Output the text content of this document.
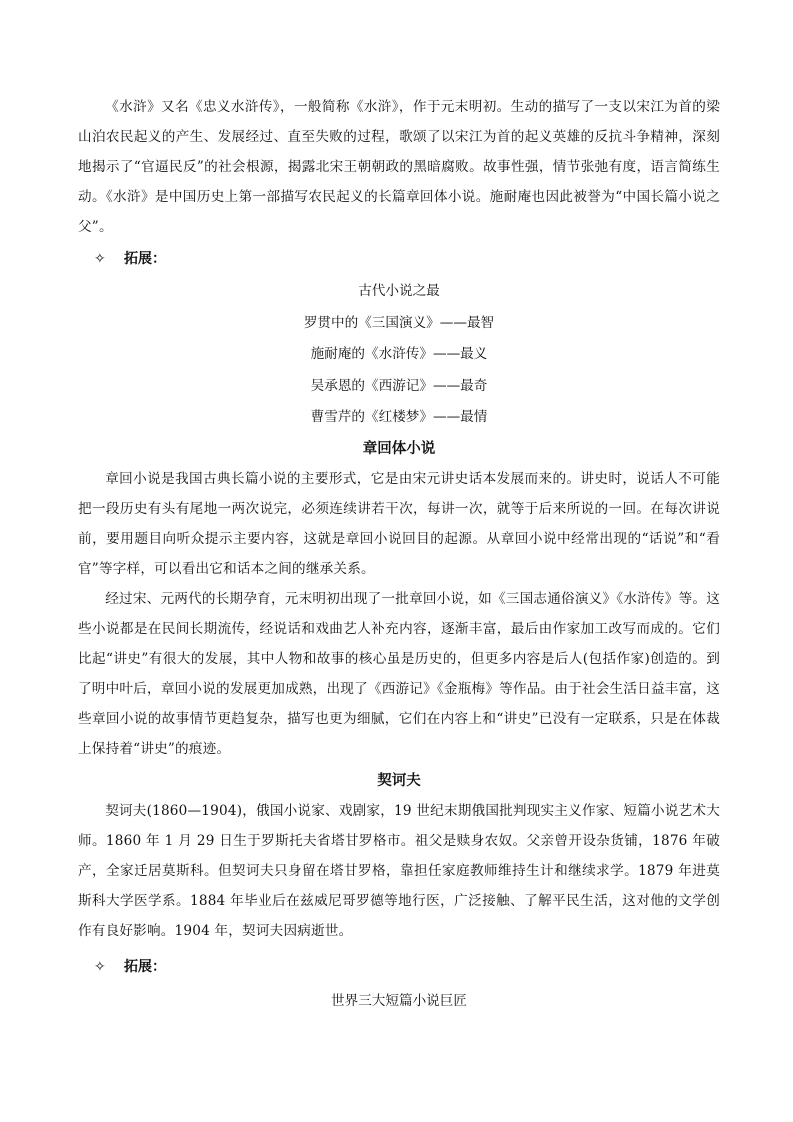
《水浒》又名《忠义水浒传》，一般简称《水浒》，作于元末明初。生动的描写了一支以宋江为首的梁山泊农民起义的产生、发展经过、直至失败的过程，歌颂了以宋江为首的起义英雄的反抗斗争精神，深刻地揭示了“官逼民反”的社会根源，揭露北宋王朝朝政的黑暗腐败。故事性强，情节张弛有度，语言简练生动。《水浒》是中国历史上第一部描写农民起义的长篇章回体小说。施耐庵也因此被誉为“中国长篇小说之父”。

✧ 拓展：

古代小说之最

罗贯中的《三国演义》——最智

施耐庵的《水浒传》——最义

吴承恩的《西游记》——最奇

曹雪芹的《红楼梦》——最情

章回体小说

章回小说是我国古典长篇小说的主要形式，它是由宋元讲史话本发展而来的。讲史时，说话人不可能把一段历史有头有尾地一两次说完，必须连续讲若干次，每讲一次，就等于后来所说的一回。在每次讲说前，要用题目向听众提示主要内容，这就是章回小说回目的起源。从章回小说中经常出现的“话说”和“看官”等字样，可以看出它和话本之间的继承关系。

经过宋、元两代的长期孕育，元末明初出现了一批章回小说，如《三国志通俗演义》《水浒传》等。这些小说都是在民间长期流传，经说话和戏曲艺人补充内容，逐渐丰富，最后由作家加工改写而成的。它们比起“讲史”有很大的发展，其中人物和故事的核心虽是历史的，但更多内容是后人(包括作家)创造的。到了明中叶后，章回小说的发展更加成熟，出现了《西游记》《金瓶梅》等作品。由于社会生活日益丰富，这些章回小说的故事情节更趋复杂，描写也更为细腻，它们在内容上和“讲史”已没有一定联系，只是在体裁上保持着“讲史”的痕迹。

契诃夫

契诃夫(1860—1904)，俄国小说家、戏剧家，19 世纪末期俄国批判现实主义作家、短篇小说艺术大师。1860 年 1 月 29 日生于罗斯托夫省塔甘罗格市。祖父是赎身农奴。父亲曾开设杂货铺，1876 年破产，全家迁居莫斯科。但契诃夫只身留在塔甘罗格，靠担任家庭教师维持生计和继续求学。1879 年进莫斯科大学医学系。1884 年毕业后在兹威尼哥罗德等地行医，广泛接触、了解平民生活，这对他的文学创作有良好影响。1904 年，契诃夫因病逝世。

✧ 拓展：

世界三大短篇小说巨匠
